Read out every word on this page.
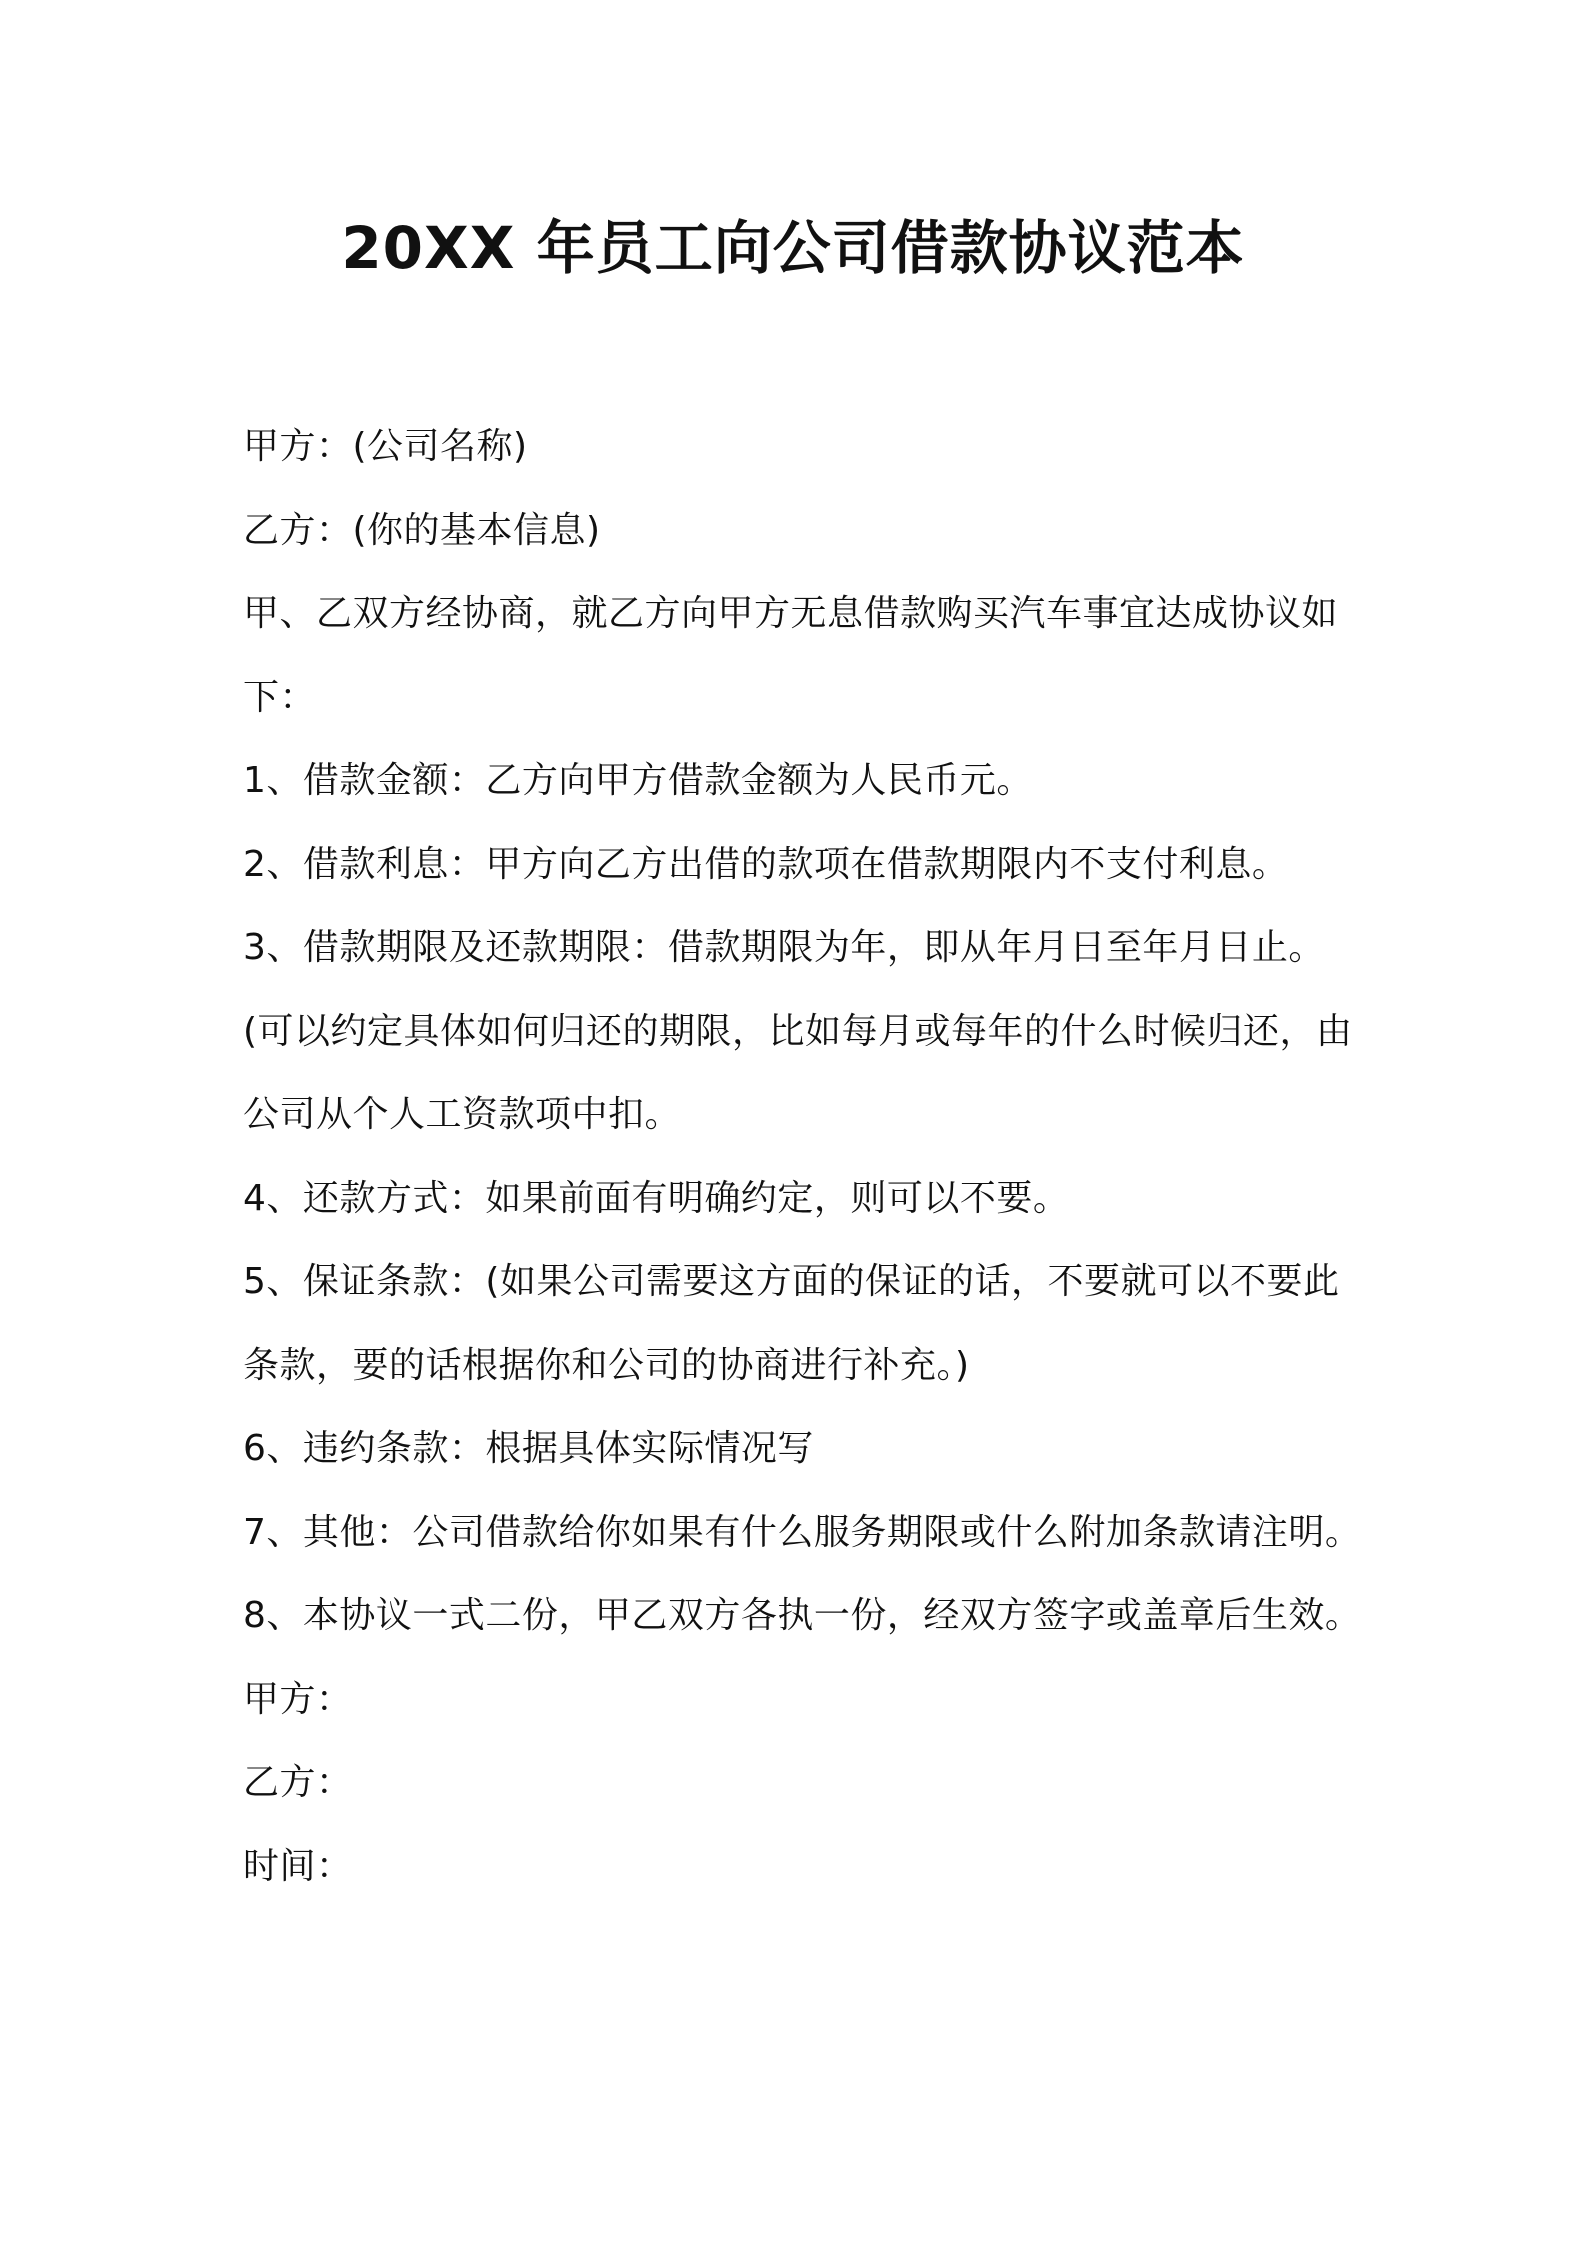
20XX 年员工向公司借款协议范本

甲方：(公司名称)

乙方：(你的基本信息)

甲、乙双方经协商，就乙方向甲方无息借款购买汽车事宜达成协议如下：

1、借款金额：乙方向甲方借款金额为人民币元。

2、借款利息：甲方向乙方出借的款项在借款期限内不支付利息。

3、借款期限及还款期限：借款期限为年，即从年月日至年月日止。(可以约定具体如何归还的期限，比如每月或每年的什么时候归还，由公司从个人工资款项中扣。

4、还款方式：如果前面有明确约定，则可以不要。

5、保证条款：(如果公司需要这方面的保证的话，不要就可以不要此条款，要的话根据你和公司的协商进行补充。)

6、违约条款：根据具体实际情况写

7、其他：公司借款给你如果有什么服务期限或什么附加条款请注明。

8、本协议一式二份，甲乙双方各执一份，经双方签字或盖章后生效。

甲方：

乙方：

时间：
